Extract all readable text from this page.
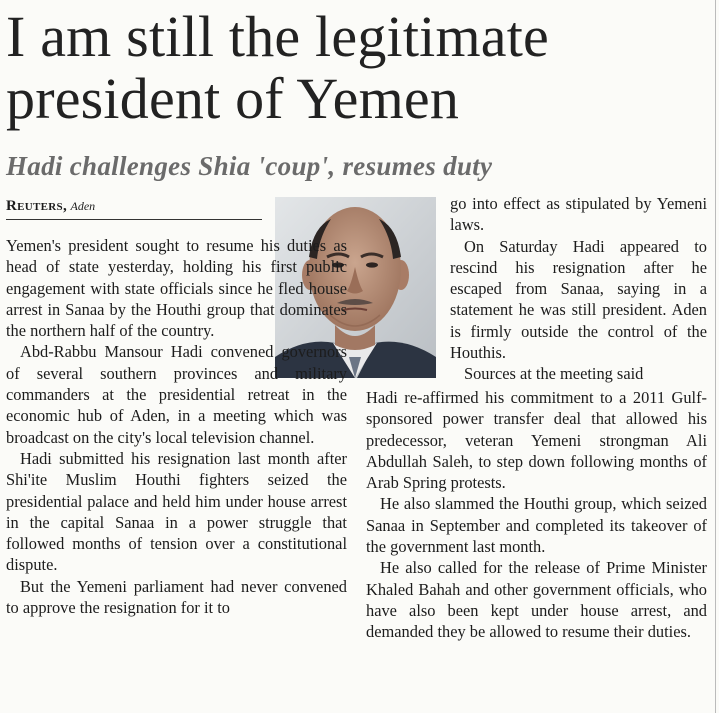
I am still the legitimate
president of Yemen
Hadi challenges Shia 'coup', resumes duty
Reuters, Aden

Yemen's president sought to resume his duties as head of state yesterday, holding his first public engagement with state officials since he fled house arrest in Sanaa by the Houthi group that dominates the northern half of the country.

Abd-Rabbu Mansour Hadi convened governors of several southern provinces and military commanders at the presidential retreat in the economic hub of Aden, in a meeting which was broadcast on the city's local television channel.

Hadi submitted his resignation last month after Shi'ite Muslim Houthi fighters seized the presidential palace and held him under house arrest in the capital Sanaa in a power struggle that followed months of tension over a constitutional dispute.

But the Yemeni parliament had never convened to approve the resignation for it to

go into effect as stipulated by Yemeni laws.

On Saturday Hadi appeared to rescind his resignation after he escaped from Sanaa, saying in a statement he was still president. Aden is firmly outside the control of the Houthis.

Sources at the meeting said

Hadi re-affirmed his commitment to a 2011 Gulf-sponsored power transfer deal that allowed his predecessor, veteran Yemeni strongman Ali Abdullah Saleh, to step down following months of Arab Spring protests.

He also slammed the Houthi group, which seized Sanaa in September and completed its takeover of the government last month.

He also called for the release of Prime Minister Khaled Bahah and other government officials, who have also been kept under house arrest, and demanded they be allowed to resume their duties.
